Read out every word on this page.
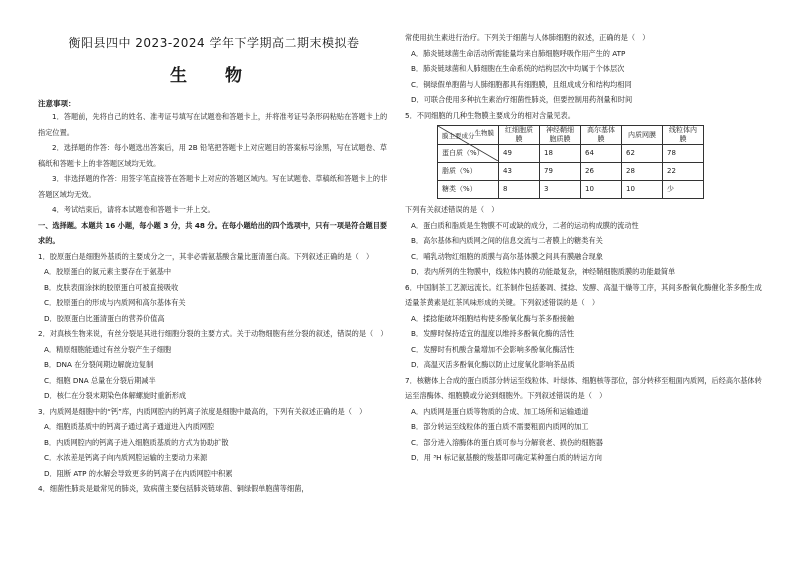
衡阳县四中 2023-2024 学年下学期高二期末模拟卷
生 物
注意事项：

1．答题前，先将自己的姓名、准考证号填写在试题卷和答题卡上，并将准考证号条形码粘贴在答题卡上的指定位置。

2．选择题的作答：每小题选出答案后，用 2B 铅笔把答题卡上对应题目的答案标号涂黑，写在试题卷、草稿纸和答题卡上的非答题区域均无效。

3．非选择题的作答：用签字笔直接答在答题卡上对应的答题区域内。写在试题卷、草稿纸和答题卡上的非答题区域均无效。

4．考试结束后，请将本试题卷和答题卡一并上交。

一、选择题。本题共 16 小题，每小题 3 分，共 48 分。在每小题给出的四个选项中，只有一项是符合题目要求的。

1．胶原蛋白是细胞外基质的主要成分之一，其非必需氨基酸含量比蛋清蛋白高。下列叙述正确的是（　）

A．胶原蛋白的氮元素主要存在于氨基中

B．皮肤表面涂抹的胶原蛋白可被直接吸收

C．胶原蛋白的形成与内质网和高尔基体有关

D．胶原蛋白比蛋清蛋白的营养价值高

2．对真核生物来说，有丝分裂是其进行细胞分裂的主要方式。关于动物细胞有丝分裂的叙述，错误的是（　）

A．精原细胞能通过有丝分裂产生子细胞

B．DNA 在分裂间期边解旋边复制

C．细胞 DNA 总量在分裂后期减半

D．核仁在分裂末期染色体解螺旋时重新形成

3．内质网是细胞中的“钙”库，内质网腔内的钙离子浓度是细胞中最高的，下列有关叙述正确的是（　）

A．细胞质基质中的钙离子通过离子通道进入内质网腔

B．内质网腔内的钙离子进入细胞质基质的方式为协助扩散

C．水浓差是钙离子向内质网腔运输的主要动力来源

D．阻断 ATP 的水解会导致更多的钙离子在内质网腔中积累

4．细菌性肺炎是最常见的肺炎，致病菌主要包括肺炎链球菌、铜绿假单胞菌等细菌，

常使用抗生素进行治疗。下列关于细菌与人体肺细胞的叙述，正确的是（　）

A．肺炎链球菌生命活动所需能量均来自肺细胞呼吸作用产生的 ATP

B．肺炎链球菌和人肺细胞在生命系统的结构层次中均属于个体层次

C．铜绿假单胞菌与人肺细胞都具有细胞膜，且组成成分和结构均相同

D．可联合使用多种抗生素治疗细菌性肺炎，但要控制用药剂量和时间

5．不同细胞的几种生物膜主要成分的相对含量见表。

生物膜
膜主要成分	红细胞质膜	神经鞘细胞质膜	高尔基体膜	内质网膜	线粒体内膜
蛋白质（%）	49	18	64	62	78
脂质（%）	43	79	26	28	22
糖类（%）	8	3	10	10	少

下列有关叙述错误的是（　）

A．蛋白质和脂质是生物膜不可或缺的成分，二者的运动构成膜的流动性

B．高尔基体和内质网之间的信息交流与二者膜上的糖类有关

C．哺乳动物红细胞的质膜与高尔基体膜之间具有膜融合现象

D．表内所列的生物膜中，线粒体内膜的功能最复杂，神经鞘细胞质膜的功能最简单

6．中国制茶工艺源远流长。红茶制作包括萎凋、揉捻、发酵、高温干燥等工序，其间多酚氧化酶催化茶多酚生成适量茶黄素是红茶风味形成的关键。下列叙述错误的是（　）

A．揉捻能破坏细胞结构使多酚氧化酶与茶多酚接触

B．发酵时保持适宜的温度以维持多酚氧化酶的活性

C．发酵时有机酸含量增加不会影响多酚氧化酶活性

D．高温灭活多酚氧化酶以防止过度氧化影响茶品质

7．核糖体上合成的蛋白质部分转运至线粒体、叶绿体、细胞核等部位，部分转移至粗面内质网，后经高尔基体转运至溶酶体、细胞膜或分泌到细胞外。下列叙述错误的是（　）

A．内质网是蛋白质等物质的合成、加工场所和运输通道

B．部分转运至线粒体的蛋白质不需要粗面内质网的加工

C．部分进入溶酶体的蛋白质可参与分解衰老、损伤的细胞器

D．用 ³H 标记氨基酸的羧基即可确定某种蛋白质的转运方向
